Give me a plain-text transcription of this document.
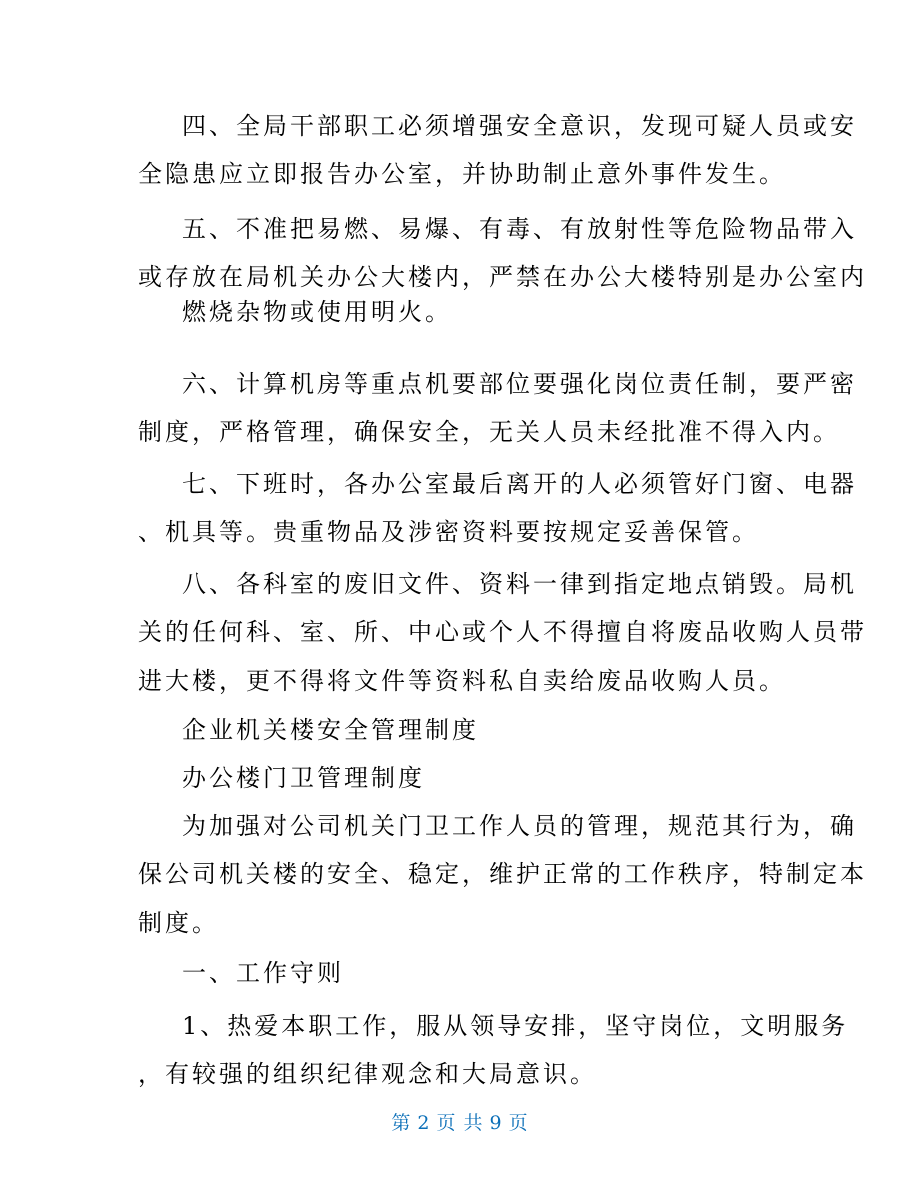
四、全局干部职工必须增强安全意识，发现可疑人员或安
全隐患应立即报告办公室，并协助制止意外事件发生。
五、不准把易燃、易爆、有毒、有放射性等危险物品带入
或存放在局机关办公大楼内，严禁在办公大楼特别是办公室内
燃烧杂物或使用明火。
六、计算机房等重点机要部位要强化岗位责任制，要严密
制度，严格管理，确保安全，无关人员未经批准不得入内。
七、下班时，各办公室最后离开的人必须管好门窗、电器
、机具等。贵重物品及涉密资料要按规定妥善保管。
八、各科室的废旧文件、资料一律到指定地点销毁。局机
关的任何科、室、所、中心或个人不得擅自将废品收购人员带
进大楼，更不得将文件等资料私自卖给废品收购人员。
企业机关楼安全管理制度
办公楼门卫管理制度
为加强对公司机关门卫工作人员的管理，规范其行为，确
保公司机关楼的安全、稳定，维护正常的工作秩序，特制定本
制度。
一、工作守则
1、热爱本职工作，服从领导安排，坚守岗位，文明服务
，有较强的组织纪律观念和大局意识。
第 2 页 共 9 页
